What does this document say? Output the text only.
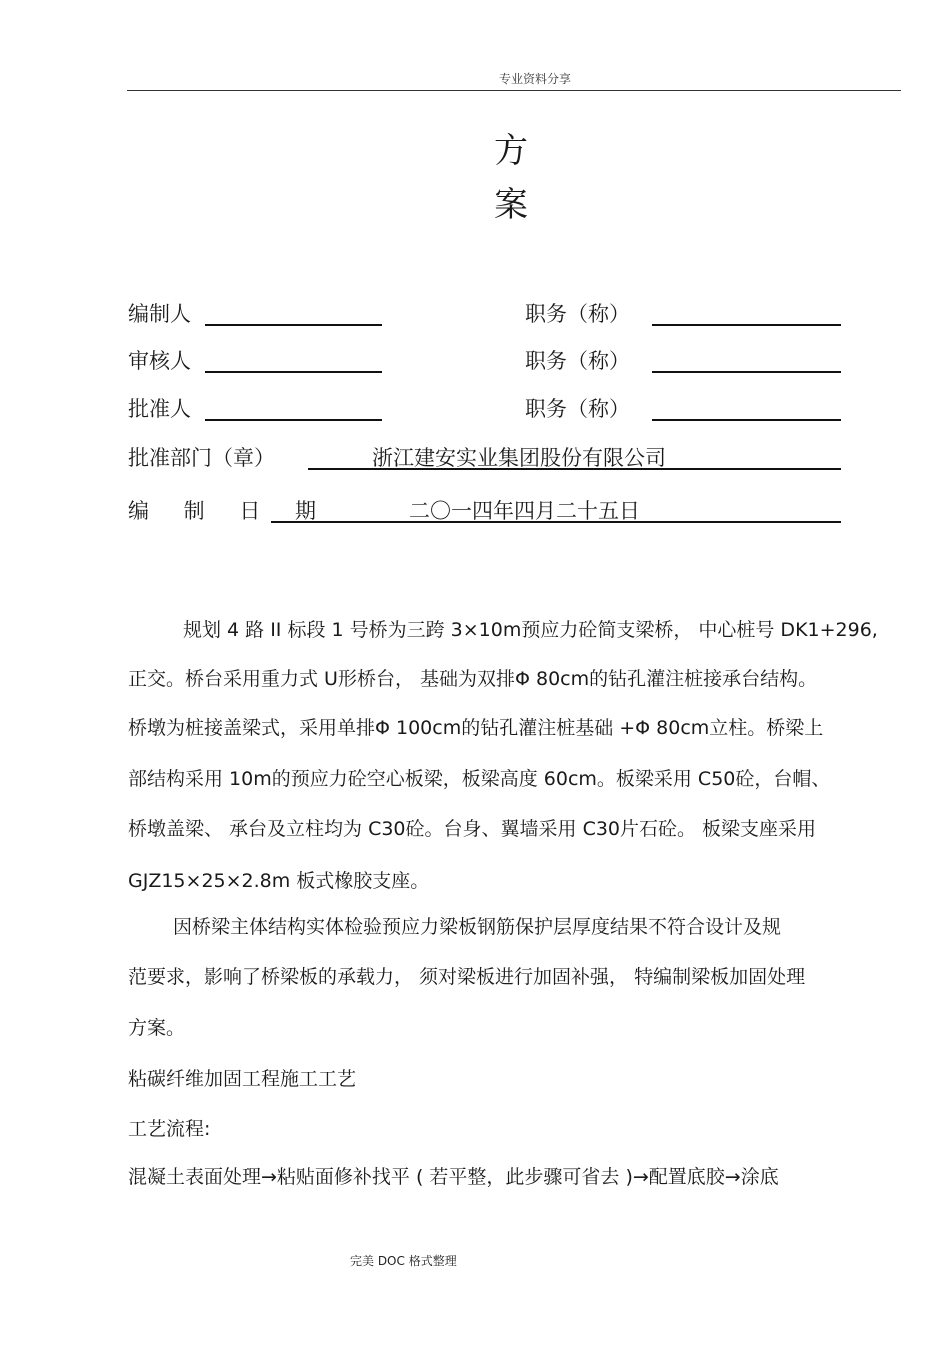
专业资料分享
方
案
编制人	职务（称）
审核人	职务（称）
批准人	职务（称）
批准部门（章）	浙江建安实业集团股份有限公司
编 制 日 期	二〇一四年四月二十五日
规划 4 路 II 标段 1 号桥为三跨 3×10m预应力砼简支梁桥， 中心桩号 DK1+296,
正交。桥台采用重力式 U形桥台， 基础为双排Φ 80cm的钻孔灌注桩接承台结构。
桥墩为桩接盖梁式，采用单排Φ 100cm的钻孔灌注桩基础 +Φ 80cm立柱。桥梁上
部结构采用 10m的预应力砼空心板梁，板梁高度 60cm。板梁采用 C50砼，台帽、
桥墩盖梁、 承台及立柱均为 C30砼。台身、翼墙采用 C30片石砼。 板梁支座采用
GJZ15×25×2.8m 板式橡胶支座。
因桥梁主体结构实体检验预应力梁板钢筋保护层厚度结果不符合设计及规
范要求，影响了桥梁板的承载力， 须对梁板进行加固补强， 特编制梁板加固处理
方案。
粘碳纤维加固工程施工工艺
工艺流程:
混凝土表面处理→粘贴面修补找平 ( 若平整，此步骤可省去 )→配置底胶→涂底
完美 DOC 格式整理
